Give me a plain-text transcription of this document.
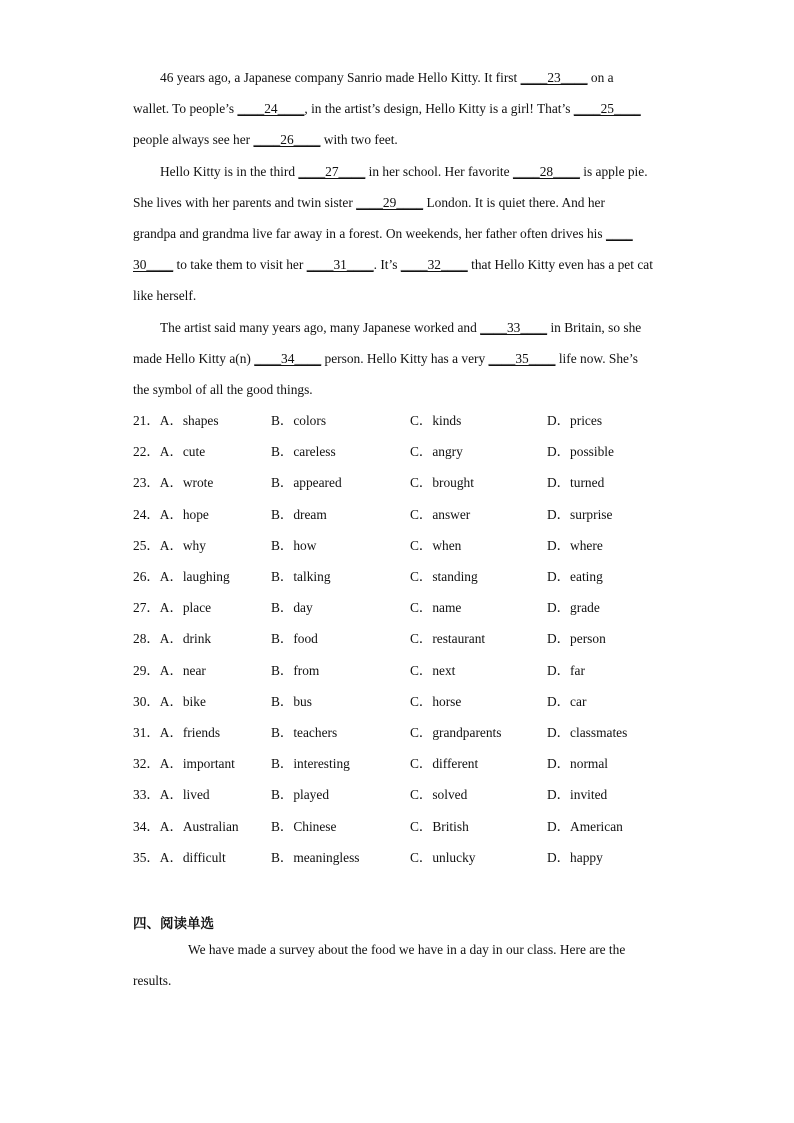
46 years ago, a Japanese company Sanrio made Hello Kitty. It first ____23____ on a
wallet. To people’s ____24____, in the artist’s design, Hello Kitty is a girl! That’s ____25____
people always see her ____26____ with two feet.
Hello Kitty is in the third ____27____ in her school. Her favorite ____28____ is apple pie.
She lives with her parents and twin sister ____29____ London. It is quiet there. And her
grandpa and grandma live far away in a forest. On weekends, her father often drives his ____
30____ to take them to visit her ____31____. It’s ____32____ that Hello Kitty even has a pet cat
like herself.
The artist said many years ago, many Japanese worked and ____33____ in Britain, so she
made Hello Kitty a(n) ____34____ person. Hello Kitty has a very ____35____ life now. She’s
the symbol of all the good things.
21．A．shapes	B．colors	C．kinds	D．prices
22．A．cute	B．careless	C．angry	D．possible
23．A．wrote	B．appeared	C．brought	D．turned
24．A．hope	B．dream	C．answer	D．surprise
25．A．why	B．how	C．when	D．where
26．A．laughing	B．talking	C．standing	D．eating
27．A．place	B．day	C．name	D．grade
28．A．drink	B．food	C．restaurant	D．person
29．A．near	B．from	C．next	D．far
30．A．bike	B．bus	C．horse	D．car
31．A．friends	B．teachers	C．grandparents	D．classmates
32．A．important	B．interesting	C．different	D．normal
33．A．lived	B．played	C．solved	D．invited
34．A．Australian B．Chinese	C．British	D．American
35．A．difficult	B．meaningless	C．unlucky	D．happy
四、阅读单选
We have made a survey about the food we have in a day in our class. Here are the
results.
